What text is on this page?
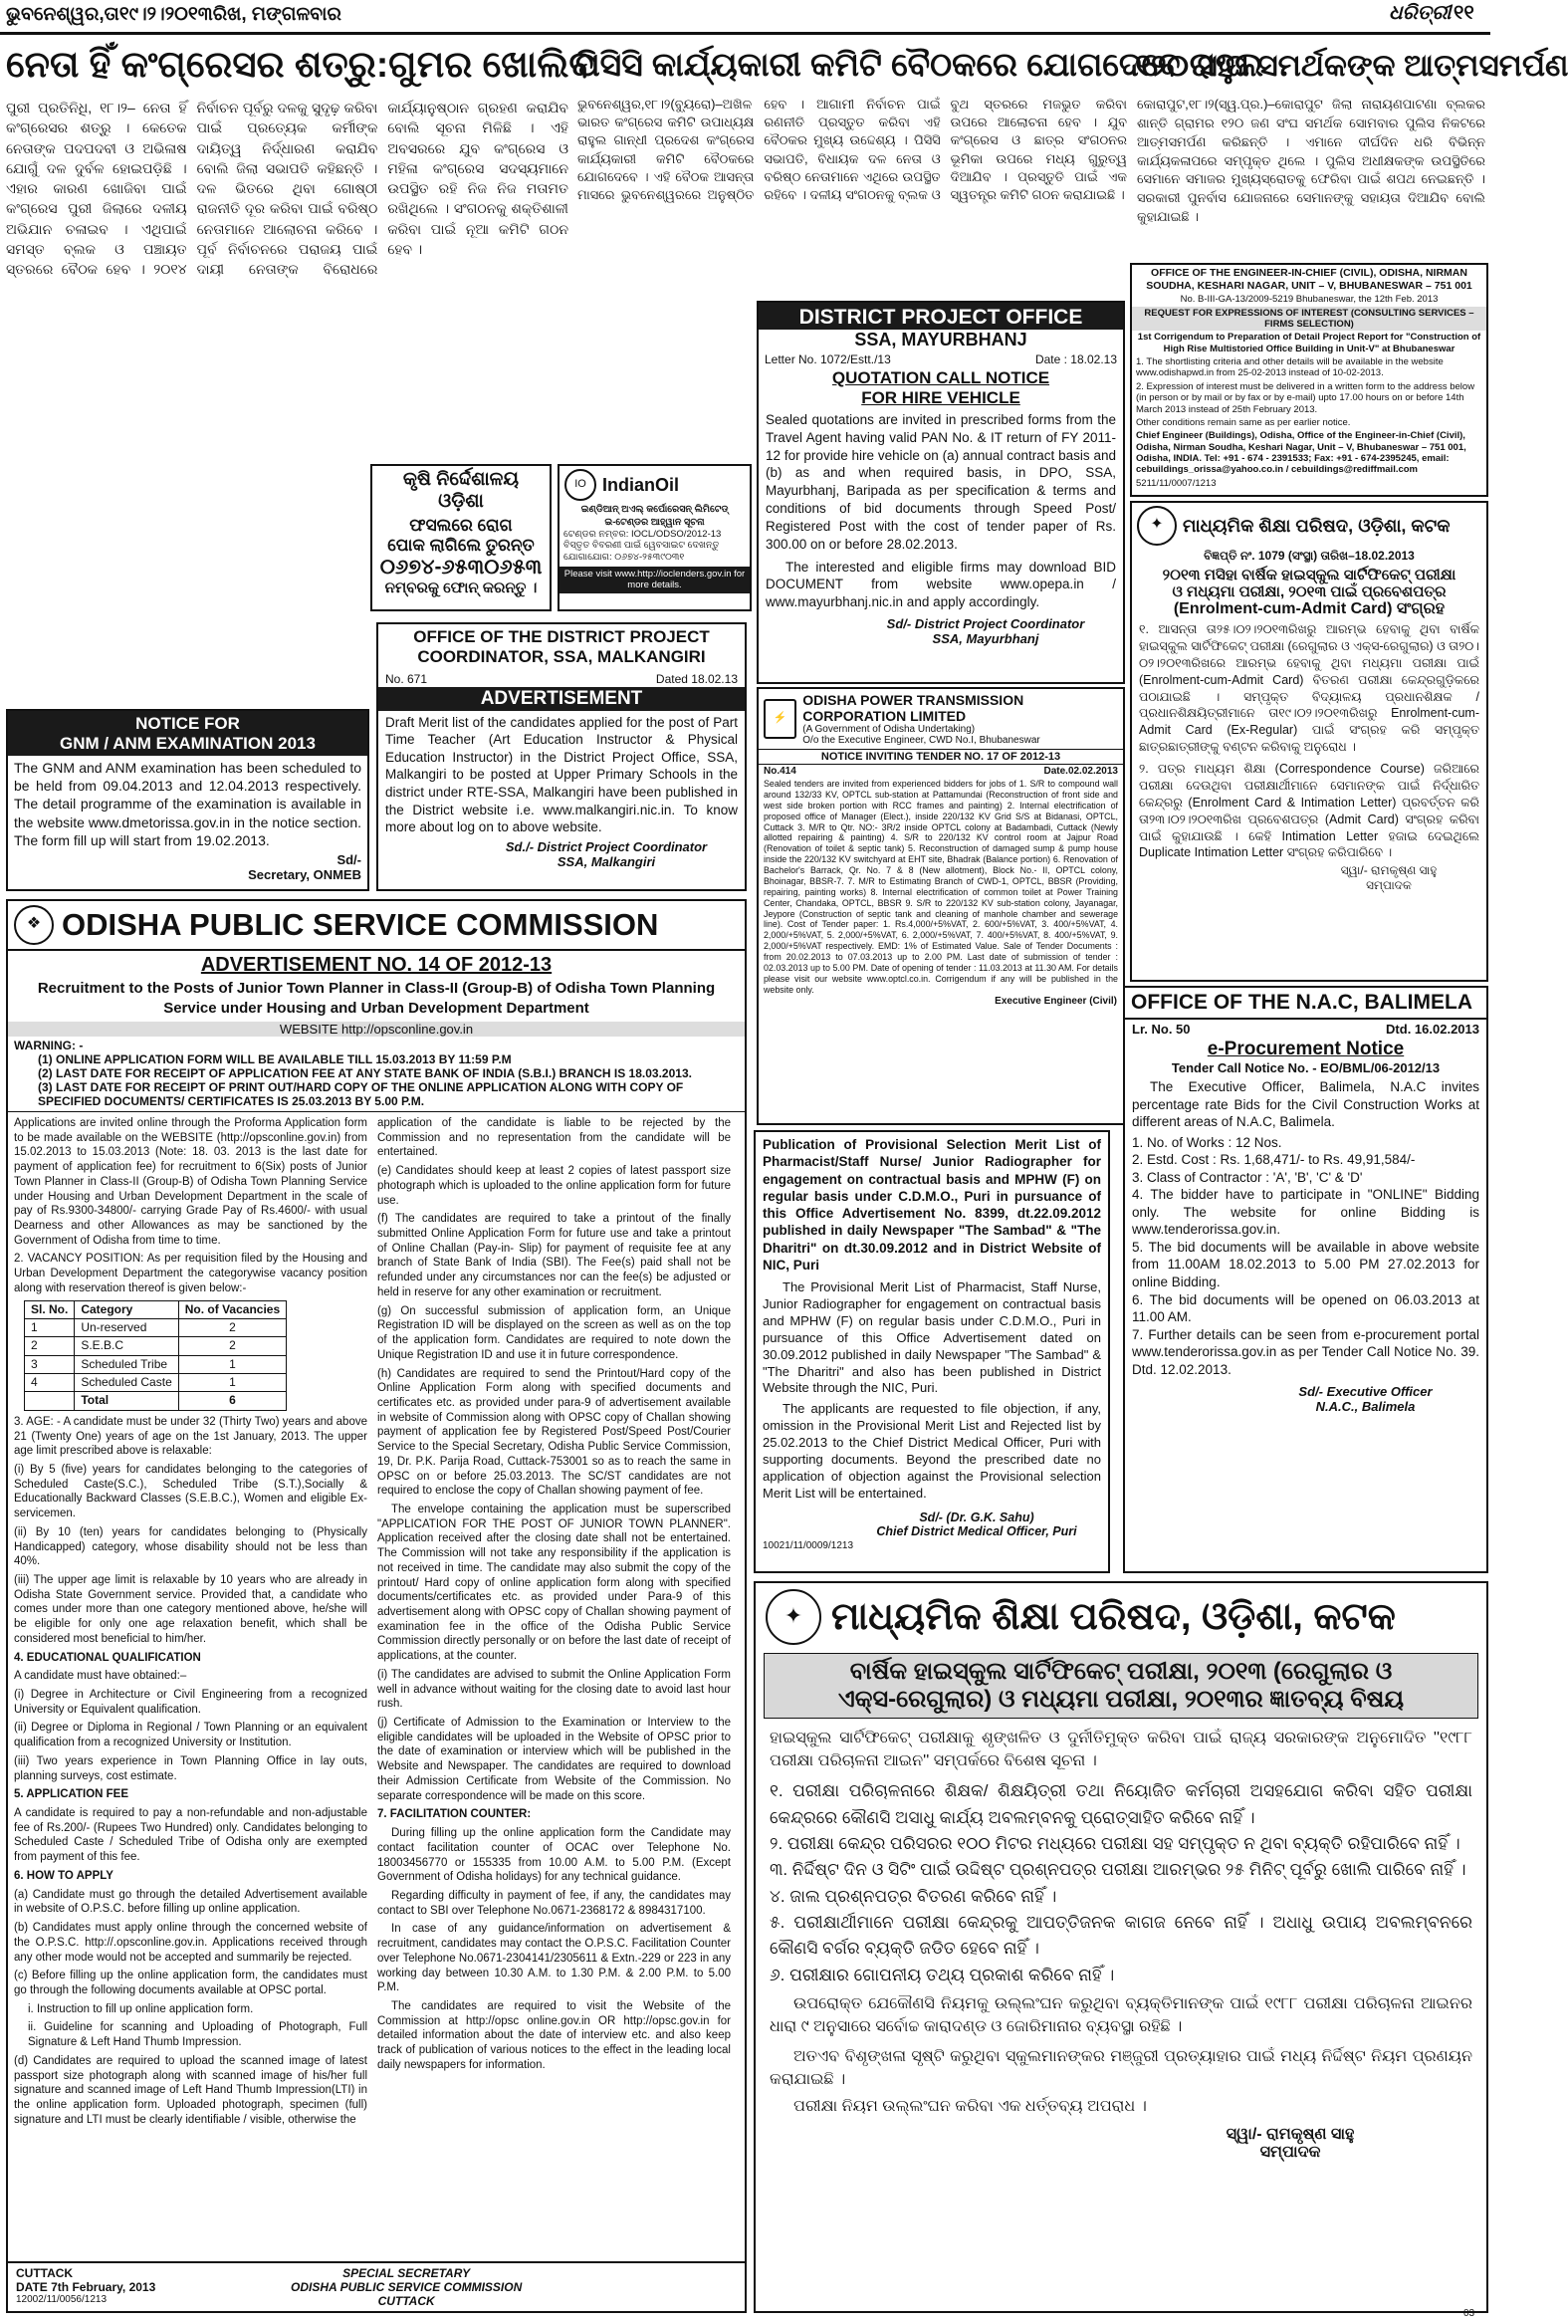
ଭୁବନେଶ୍ୱର,ତା୧୯।୨।୨୦୧୩ରିଖ, ମଙ୍ଗଳବାର	ଧରିତ୍ରୀ ୧୧
ନେତା ହିଁ କଂଗ୍ରେସର ଶତ୍ରୁ:ଗୁମର ଖୋଲିବ
ପିସିସି କାର୍ଯ୍ୟକାରୀ କମିଟି ବୈଠକରେ ଯୋଗଦେବେ ରାହୁଲ
୧୨୦ ସଂଘ ସମର୍ଥକଙ୍କ ଆତ୍ମସମର୍ପଣ
ପୁରୀ ପ୍ରତିନିଧି, ୧୮।୨– ନେତା ହିଁ କଂଗ୍ରେସର ଶତ୍ରୁ । କେତେକ ନେତାଙ୍କ ପଦପଦବୀ ଓ ଅଭିଳାଷ ଯୋଗୁଁ ଦଳ ଦୁର୍ବଳ ହୋଇପଡ଼ିଛି । ଏହାର କାରଣ ଖୋଜିବା ପାଇଁ କଂଗ୍ରେସ ପୁରୀ ଜିଲାରେ ଦଳୀୟ ଅଭିଯାନ ଚଳାଇବ । ଏଥିପାଇଁ ସମସ୍ତ ବ୍ଲକ ଓ ପଞ୍ଚାୟତ ସ୍ତରରେ ବୈଠକ ହେବ । ୨୦୧୪ ନିର୍ବାଚନ ପୂର୍ବରୁ ଦଳକୁ ସୁଦୃଢ଼ କରିବା ପାଇଁ ପ୍ରତ୍ୟେକ କର୍ମୀଙ୍କ ଦାୟିତ୍ୱ ନିର୍ଦ୍ଧାରଣ କରାଯିବ ବୋଲି ଜିଲା ସଭାପତି କହିଛନ୍ତି । ଦଳ ଭିତରେ ଥିବା ଗୋଷ୍ଠୀ ରାଜନୀତି ଦୂର କରିବା ପାଇଁ ବରିଷ୍ଠ ନେତାମାନେ ଆଲୋଚନା କରିବେ । ପୂର୍ବ ନିର୍ବାଚନରେ ପରାଜୟ ପାଇଁ ଦାୟୀ ନେତାଙ୍କ ବିରୋଧରେ କାର୍ଯ୍ୟାନୁଷ୍ଠାନ ଗ୍ରହଣ କରାଯିବ ବୋଲି ସୂଚନା ମିଳିଛି । ଏହି ଅବସରରେ ଯୁବ କଂଗ୍ରେସ ଓ ମହିଳା କଂଗ୍ରେସ ସଦସ୍ୟମାନେ ଉପସ୍ଥିତ ରହି ନିଜ ନିଜ ମତାମତ ରଖିଥିଲେ । ସଂଗଠନକୁ ଶକ୍ତିଶାଳୀ କରିବା ପାଇଁ ନୂଆ କମିଟି ଗଠନ ହେବ ।
ଭୁବନେଶ୍ୱର,୧୮।୨(ବ୍ୟୁରୋ)–ଅଖିଳ ଭାରତ କଂଗ୍ରେସ କମିଟି ଉପାଧ୍ୟକ୍ଷ ରାହୁଲ ଗାନ୍ଧୀ ପ୍ରଦେଶ କଂଗ୍ରେସ କାର୍ଯ୍ୟକାରୀ କମିଟି ବୈଠକରେ ଯୋଗଦେବେ । ଏହି ବୈଠକ ଆସନ୍ତା ମାସରେ ଭୁବନେଶ୍ୱରରେ ଅନୁଷ୍ଠିତ ହେବ । ଆଗାମୀ ନିର୍ବାଚନ ପାଇଁ ରଣନୀତି ପ୍ରସ୍ତୁତ କରିବା ଏହି ବୈଠକର ମୁଖ୍ୟ ଉଦ୍ଦେଶ୍ୟ । ପିସିସି ସଭାପତି, ବିଧାୟକ ଦଳ ନେତା ଓ ବରିଷ୍ଠ ନେତାମାନେ ଏଥିରେ ଉପସ୍ଥିତ ରହିବେ । ଦଳୀୟ ସଂଗଠନକୁ ବ୍ଲକ ଓ ବୁଥ ସ୍ତରରେ ମଜଭୁତ କରିବା ଉପରେ ଆଲୋଚନା ହେବ । ଯୁବ କଂଗ୍ରେସ ଓ ଛାତ୍ର ସଂଗଠନର ଭୂମିକା ଉପରେ ମଧ୍ୟ ଗୁରୁତ୍ୱ ଦିଆଯିବ । ପ୍ରସ୍ତୁତି ପାଇଁ ଏକ ସ୍ୱତନ୍ତ୍ର କମିଟି ଗଠନ କରାଯାଇଛି ।
କୋରାପୁଟ,୧୮।୨(ସ୍ୱ.ପ୍ର.)–କୋରାପୁଟ ଜିଲା ନାରାୟଣପାଟଣା ବ୍ଲକର ଶାନ୍ତି ଗ୍ରାମର ୧୨୦ ଜଣ ସଂଘ ସମର୍ଥକ ସୋମବାର ପୁଲିସ ନିକଟରେ ଆତ୍ମସମର୍ପଣ କରିଛନ୍ତି । ଏମାନେ ଦୀର୍ଘଦିନ ଧରି ବିଭିନ୍ନ କାର୍ଯ୍ୟକଳାପରେ ସମ୍ପୃକ୍ତ ଥିଲେ । ପୁଲିସ ଅଧୀକ୍ଷକଙ୍କ ଉପସ୍ଥିତିରେ ସେମାନେ ସମାଜର ମୁଖ୍ୟସ୍ରୋତକୁ ଫେରିବା ପାଇଁ ଶପଥ ନେଇଛନ୍ତି । ସରକାରୀ ପୁନର୍ବାସ ଯୋଜନାରେ ସେମାନଙ୍କୁ ସହାୟତା ଦିଆଯିବ ବୋଲି କୁହାଯାଇଛି ।
NOTICE FOR
GNM / ANM EXAMINATION 2013
The GNM and ANM examination has been scheduled to be held from 09.04.2013 and 12.04.2013 respectively. The detail programme of the examination is available in the website www.dmetorissa.gov.in in the notice section. The form fill up will start from 19.02.2013.
Sd/-
Secretary, ONMEB
କୃଷି ନିର୍ଦ୍ଦେଶାଳୟ
ଓଡ଼ିଶା
ଫସଲରେ ରୋଗ
ପୋକ ଲାଗିଲେ ତୁରନ୍ତ
୦୬୭୪-୬୫୩୦୬୫୩
ନମ୍ବରକୁ ଫୋନ୍ କରନ୍ତୁ ।
IO IndianOil
ଇଣ୍ଡିଆନ୍ ଅଏଲ୍ କର୍ପୋରେସନ୍ ଲିମିଟେଡ୍
ଇ-ଟେଣ୍ଡର ଆହ୍ୱାନ ସୂଚନା
ଟେଣ୍ଡର ନମ୍ବର: IOCL/ODSO/2012-13
ବିସ୍ତୃତ ବିବରଣୀ ପାଇଁ ୱେବସାଇଟ ଦେଖନ୍ତୁ
ଯୋଗାଯୋଗ: ୦୬୭୪-୨୫୩୯୦୩୧
Please visit www.http://ioclenders.gov.in for more details.
DISTRICT PROJECT OFFICE
SSA, MAYURBHANJ
Letter No. 1072/Estt./13	Date : 18.02.13
QUOTATION CALL NOTICE
FOR HIRE VEHICLE
Sealed quotations are invited in prescribed forms from the Travel Agent having valid PAN No. & IT return of FY 2011-12 for provide hire vehicle on (a) annual contract basis and (b) as and when required basis, in DPO, SSA, Mayurbhanj, Baripada as per specification & terms and conditions of bid documents through Speed Post/ Registered Post with the cost of tender paper of Rs. 300.00 on or before 28.02.2013.
The interested and eligible firms may download BID DOCUMENT from website www.opepa.in / www.mayurbhanj.nic.in and apply accordingly.
Sd/- District Project Coordinator
SSA, Mayurbhanj
OFFICE OF THE ENGINEER-IN-CHIEF (CIVIL), ODISHA, NIRMAN SOUDHA, KESHARI NAGAR, UNIT – V, BHUBANESWAR – 751 001
No. B-III-GA-13/2009-5219 Bhubaneswar, the 12th Feb. 2013
REQUEST FOR EXPRESSIONS OF INTEREST (CONSULTING SERVICES – FIRMS SELECTION)
1st Corrigendum to Preparation of Detail Project Report for "Construction of High Rise Multistoried Office Building in Unit-V" at Bhubaneswar
1. The shortlisting criteria and other details will be available in the website www.odishapwd.in from 25-02-2013 instead of 10-02-2013.
2. Expression of interest must be delivered in a written form to the address below (in person or by mail or by fax or by e-mail) upto 17.00 hours on or before 14th March 2013 instead of 25th February 2013.
Other conditions remain same as per earlier notice.
Chief Engineer (Buildings), Odisha, Office of the Engineer-in-Chief (Civil), Odisha, Nirman Soudha, Keshari Nagar, Unit – V, Bhubaneswar – 751 001, Odisha, INDIA. Tel: +91 - 674 - 2391533; Fax: +91 - 674-2395245, email: cebuildings_orissa@yahoo.co.in / cebuildings@rediffmail.com
5211/11/0007/1213
✦	ମାଧ୍ୟମିକ ଶିକ୍ଷା ପରିଷଦ, ଓଡ଼ିଶା, କଟକ
ବିଜ୍ଞପ୍ତି ନଂ. 1079 (ସଂସ୍ଥା) ତାରିଖ–18.02.2013
୨୦୧୩ ମସିହା ବାର୍ଷିକ ହାଇସ୍କୁଲ ସାର୍ଟିଫିକେଟ୍ ପରୀକ୍ଷା
ଓ ମଧ୍ୟମା ପରୀକ୍ଷା, ୨୦୧୩ ପାଇଁ ପ୍ରବେଶପତ୍ର
(Enrolment-cum-Admit Card) ସଂଗ୍ରହ
୧. ଆସନ୍ତା ତା୨୫।୦୨।୨୦୧୩ରିଖରୁ ଆରମ୍ଭ ହେବାକୁ ଥିବା ବାର୍ଷିକ ହାଇସ୍କୁଲ ସାର୍ଟିଫିକେଟ୍ ପରୀକ୍ଷା (ରେଗୁଲାର ଓ ଏକ୍ସ-ରେଗୁଲାର) ଓ ତା୨୦।୦୨।୨୦୧୩ରିଖରେ ଆରମ୍ଭ ହେବାକୁ ଥିବା ମଧ୍ୟମା ପରୀକ୍ଷା ପାଇଁ (Enrolment-cum-Admit Card) ବିତରଣ ପରୀକ୍ଷା କେନ୍ଦ୍ରଗୁଡ଼ିକରେ ପଠାଯାଇଛି । ସମ୍ପୃକ୍ତ ବିଦ୍ୟାଳୟ ପ୍ରଧାନଶିକ୍ଷକ / ପ୍ରଧାନଶିକ୍ଷୟିତ୍ରୀମାନେ ତା୧୯।୦୨।୨୦୧୩ରିଖରୁ Enrolment-cum-Admit Card (Ex-Regular) ପାଇଁ ସଂଗ୍ରହ କରି ସମ୍ପୃକ୍ତ ଛାତ୍ରଛାତ୍ରୀଙ୍କୁ ବଣ୍ଟନ କରିବାକୁ ଅନୁରୋଧ ।
୨. ପତ୍ର ମାଧ୍ୟମ ଶିକ୍ଷା (Correspondence Course) ଜରିଆରେ ପରୀକ୍ଷା ଦେଉଥିବା ପରୀକ୍ଷାର୍ଥୀମାନେ ସେମାନଙ୍କ ପାଇଁ ନିର୍ଦ୍ଧାରିତ କେନ୍ଦ୍ରରୁ (Enrolment Card & Intimation Letter) ପ୍ରବର୍ତ୍ତନ କରି ତା୨୩।୦୨।୨୦୧୩ରିଖ ପ୍ରବେଶପତ୍ର (Admit Card) ସଂଗ୍ରହ କରିବା ପାଇଁ କୁହାଯାଉଛି । କେହି Intimation Letter ହଜାଇ ଦେଇଥିଲେ Duplicate Intimation Letter ସଂଗ୍ରହ କରିପାରିବେ ।
ସ୍ୱା/- ରାମକୃଷ୍ଣ ସାହୁ
ସମ୍ପାଦକ
OFFICE OF THE DISTRICT PROJECT COORDINATOR, SSA, MALKANGIRI
No. 671	Dated 18.02.13
ADVERTISEMENT
Draft Merit list of the candidates applied for the post of Part Time Teacher (Art Education Instructor & Physical Education Instructor) in the District Project Office, SSA, Malkangiri to be posted at Upper Primary Schools in the district under RTE-SSA, Malkangiri have been published in the District website i.e. www.malkangiri.nic.in. To know more about log on to above website.
Sd./- District Project Coordinator
SSA, Malkangiri
⚡
ODISHA POWER TRANSMISSION CORPORATION LIMITED
(A Government of Odisha Undertaking)
O/o the Executive Engineer, CWD No.I, Bhubaneswar
NOTICE INVITING TENDER NO. 17 OF 2012-13
No.414	Date.02.02.2013
Sealed tenders are invited from experienced bidders for jobs of 1. S/R to compound wall around 132/33 KV, OPTCL sub-station at Pattamundai (Reconstruction of front side and west side broken portion with RCC frames and painting) 2. Internal electrification of proposed office of Manager (Elect.), inside 220/132 KV Grid S/S at Bidanasi, OPTCL, Cuttack 3. M/R to Qtr. NO:- 3R/2 inside OPTCL colony at Badambadi, Cuttack (Newly allotted repairing & painting) 4. S/R to 220/132 KV control room at Jajpur Road (Renovation of toilet & septic tank) 5. Reconstruction of damaged sump & pump house inside the 220/132 KV switchyard at EHT site, Bhadrak (Balance portion) 6. Renovation of Bachelor's Barrack, Qr. No. 7 & 8 (New allotment), Block No.- II, OPTCL colony, Bhoinagar, BBSR-7. 7. M/R to Estimating Branch of CWD-1, OPTCL, BBSR (Providing, repairing, painting works) 8. Internal electrification of common toilet at Power Training Center, Chandaka, OPTCL, BBSR 9. S/R to 220/132 KV sub-station colony, Jayanagar, Jeypore (Construction of septic tank and cleaning of manhole chamber and sewerage line). Cost of Tender paper: 1. Rs.4,000/+5%VAT, 2. 600/+5%VAT, 3. 400/+5%VAT, 4. 2,000/+5%VAT, 5. 2,000/+5%VAT, 6. 2,000/+5%VAT, 7. 400/+5%VAT, 8. 400/+5%VAT, 9. 2,000/+5%VAT respectively. EMD: 1% of Estimated Value. Sale of Tender Documents : from 20.02.2013 to 07.03.2013 up to 2.00 PM. Last date of submission of tender : 02.03.2013 up to 5.00 PM. Date of opening of tender : 11.03.2013 at 11.30 AM. For details please visit our website www.optcl.co.in. Corrigendum if any will be published in the website only.
Executive Engineer (Civil)
❖ ODISHA PUBLIC SERVICE COMMISSION
ADVERTISEMENT NO. 14 OF 2012-13
Recruitment to the Posts of Junior Town Planner in Class-II (Group-B) of Odisha Town Planning Service under Housing and Urban Development Department
WEBSITE http://opsconline.gov.in
WARNING: -
(1) ONLINE APPLICATION FORM WILL BE AVAILABLE TILL 15.03.2013 BY 11:59 P.M
(2) LAST DATE FOR RECEIPT OF APPLICATION FEE AT ANY STATE BANK OF INDIA (S.B.I.) BRANCH IS 18.03.2013.
(3) LAST DATE FOR RECEIPT OF PRINT OUT/HARD COPY OF THE ONLINE APPLICATION ALONG WITH COPY OF SPECIFIED DOCUMENTS/ CERTIFICATES IS 25.03.2013 BY 5.00 P.M.

Applications are invited online through the Proforma Application form to be made available on the WEBSITE (http://opsconline.gov.in) from 15.02.2013 to 15.03.2013 (Note: 18. 03. 2013 is the last date for payment of application fee) for recruitment to 6(Six) posts of Junior Town Planner in Class-II (Group-B) of Odisha Town Planning Service under Housing and Urban Development Department in the scale of pay of Rs.9300-34800/- carrying Grade Pay of Rs.4600/- with usual Dearness and other Allowances as may be sanctioned by the Government of Odisha from time to time.

2. VACANCY POSITION: As per requisition filed by the Housing and Urban Development Department the categorywise vacancy position along with reservation thereof is given below:-

Sl. No.	Category	No. of Vacancies
1	Un-reserved	2
2	S.E.B.C	2
3	Scheduled Tribe	1
4	Scheduled Caste	1
	Total	6

3. AGE: - A candidate must be under 32 (Thirty Two) years and above 21 (Twenty One) years of age on the 1st January, 2013. The upper age limit prescribed above is relaxable:

(i) By 5 (five) years for candidates belonging to the categories of Scheduled Caste(S.C.), Scheduled Tribe (S.T.),Socially & Educationally Backward Classes (S.E.B.C.), Women and eligible Ex-servicemen.

(ii) By 10 (ten) years for candidates belonging to (Physically Handicapped) category, whose disability should not be less than 40%.

(iii) The upper age limit is relaxable by 10 years who are already in Odisha State Government service. Provided that, a candidate who comes under more than one category mentioned above, he/she will be eligible for only one age relaxation benefit, which shall be considered most beneficial to him/her.

4. EDUCATIONAL QUALIFICATION

A candidate must have obtained:–

(i) Degree in Architecture or Civil Engineering from a recognized University or Equivalent qualification.

(ii) Degree or Diploma in Regional / Town Planning or an equivalent qualification from a recognized University or Institution.

(iii) Two years experience in Town Planning Office in lay outs, planning surveys, cost estimate.

5. APPLICATION FEE

A candidate is required to pay a non-refundable and non-adjustable fee of Rs.200/- (Rupees Two Hundred) only. Candidates belonging to Scheduled Caste / Scheduled Tribe of Odisha only are exempted from payment of this fee.

6. HOW TO APPLY

(a) Candidate must go through the detailed Advertisement available in website of O.P.S.C. before filling up online application.

(b) Candidates must apply online through the concerned website of the O.P.S.C. http://.opsconline.gov.in. Applications received through any other mode would not be accepted and summarily be rejected.

(c) Before filling up the online application form, the candidates must go through the following documents available at OPSC portal.

i. Instruction to fill up online application form.

ii. Guideline for scanning and Uploading of Photograph, Full Signature & Left Hand Thumb Impression.

(d) Candidates are required to upload the scanned image of latest passport size photograph along with scanned image of his/her full signature and scanned image of Left Hand Thumb Impression(LTI) in the online application form. Uploaded photograph, specimen (full) signature and LTI must be clearly identifiable / visible, otherwise the

application of the candidate is liable to be rejected by the Commission and no representation from the candidate will be entertained.

(e) Candidates should keep at least 2 copies of latest passport size photograph which is uploaded to the online application form for future use.

(f) The candidates are required to take a printout of the finally submitted Online Application Form for future use and take a printout of Online Challan (Pay-in- Slip) for payment of requisite fee at any branch of State Bank of India (SBI). The Fee(s) paid shall not be refunded under any circumstances nor can the fee(s) be adjusted or held in reserve for any other examination or recruitment.

(g) On successful submission of application form, an Unique Registration ID will be displayed on the screen as well as on the top of the application form. Candidates are required to note down the Unique Registration ID and use it in future correspondence.

(h) Candidates are required to send the Printout/Hard copy of the Online Application Form along with specified documents and certificates etc. as provided under para-9 of advertisement available in website of Commission along with OPSC copy of Challan showing payment of application fee by Registered Post/Speed Post/Courier Service to the Special Secretary, Odisha Public Service Commission, 19, Dr. P.K. Parija Road, Cuttack-753001 so as to reach the same in OPSC on or before 25.03.2013. The SC/ST candidates are not required to enclose the copy of Challan showing payment of fee.

The envelope containing the application must be superscribed "APPLICATION FOR THE POST OF JUNIOR TOWN PLANNER". Application received after the closing date shall not be entertained. The Commission will not take any responsibility if the application is not received in time. The candidate may also submit the copy of the printout/ Hard copy of online application form along with specified documents/certificates etc. as provided under Para-9 of this advertisement along with OPSC copy of Challan showing payment of examination fee in the office of the Odisha Public Service Commission directly personally or on before the last date of receipt of applications, at the counter.

(i) The candidates are advised to submit the Online Application Form well in advance without waiting for the closing date to avoid last hour rush.

(j) Certificate of Admission to the Examination or Interview to the eligible candidates will be uploaded in the Website of OPSC prior to the date of examination or interview which will be published in the Website and Newspaper. The candidates are required to download their Admission Certificate from Website of the Commission. No separate correspondence will be made on this score.

7. FACILITATION COUNTER:

During filling up the online application form the Candidate may contact facilitation counter of OCAC over Telephone No. 18003456770 or 155335 from 10.00 A.M. to 5.00 P.M. (Except Government of Odisha holidays) for any technical guidance.

Regarding difficulty in payment of fee, if any, the candidates may contact to SBI over Telephone No.0671-2368172 & 8984317100.

In case of any guidance/information on advertisement & recruitment, candidates may contact the O.P.S.C. Facilitation Counter over Telephone No.0671-2304141/2305611 & Extn.-229 or 223 in any working day between 10.30 A.M. to 1.30 P.M. & 2.00 P.M. to 5.00 P.M.

The candidates are required to visit the Website of the Commission at http://opsc online.gov.in OR http://opsc.gov.in for detailed information about the date of interview etc. and also keep track of publication of various notices to the effect in the leading local daily newspapers for information.

CUTTACK
DATE 7th February, 2013
12002/11/0056/1213
SPECIAL SECRETARY
ODISHA PUBLIC SERVICE COMMISSION
CUTTACK
Publication of Provisional Selection Merit List of Pharmacist/Staff Nurse/ Junior Radiographer for engagement on contractual basis and MPHW (F) on regular basis under C.D.M.O., Puri in pursuance of this Office Advertisement No. 8399, dt.22.09.2012 published in daily Newspaper "The Sambad" & "The Dharitri" on dt.30.09.2012 and in District Website of NIC, Puri
The Provisional Merit List of Pharmacist, Staff Nurse, Junior Radiographer for engagement on contractual basis and MPHW (F) on regular basis under C.D.M.O., Puri in pursuance of this Office Advertisement dated on 30.09.2012 published in daily Newspaper "The Sambad" & "The Dharitri" and also has been published in District Website through the NIC, Puri.
The applicants are requested to file objection, if any, omission in the Provisional Merit List and Rejected list by 25.02.2013 to the Chief District Medical Officer, Puri with supporting documents. Beyond the prescribed date no application of objection against the Provisional selection Merit List will be entertained.
Sd/- (Dr. G.K. Sahu)
Chief District Medical Officer, Puri
10021/11/0009/1213
OFFICE OF THE N.A.C, BALIMELA
Lr. No. 50	Dtd. 16.02.2013
e-Procurement Notice
Tender Call Notice No. - EO/BML/06-2012/13
The Executive Officer, Balimela, N.A.C invites percentage rate Bids for the Civil Construction Works at different areas of N.A.C, Balimela.
1. No. of Works : 12 Nos.
2. Estd. Cost : Rs. 1,68,471/- to Rs. 49,91,584/-
3. Class of Contractor : 'A', 'B', 'C' & 'D'
4. The bidder have to participate in "ONLINE" Bidding only. The website for online Bidding is www.tenderorissa.gov.in.
5. The bid documents will be available in above website from 11.00AM 18.02.2013 to 5.00 PM 27.02.2013 for online Bidding.
6. The bid documents will be opened on 06.03.2013 at 11.00 AM.
7. Further details can be seen from e-procurement portal www.tenderorissa.gov.in as per Tender Call Notice No. 39. Dtd. 12.02.2013.
Sd/- Executive Officer
N.A.C., Balimela
✦ ମାଧ୍ୟମିକ ଶିକ୍ଷା ପରିଷଦ, ଓଡ଼ିଶା, କଟକ
ବାର୍ଷିକ ହାଇସ୍କୁଲ ସାର୍ଟିଫିକେଟ୍ ପରୀକ୍ଷା, ୨୦୧୩ (ରେଗୁଲାର ଓ
ଏକ୍ସ-ରେଗୁଲାର) ଓ ମଧ୍ୟମା ପରୀକ୍ଷା, ୨୦୧୩ର ଜ୍ଞାତବ୍ୟ ବିଷୟ
ହାଇସ୍କୁଲ ସାର୍ଟିଫିକେଟ୍ ପରୀକ୍ଷାକୁ ଶୃଙ୍ଖଳିତ ଓ ଦୁର୍ନୀତିମୁକ୍ତ କରିବା ପାଇଁ ରାଜ୍ୟ ସରକାରଙ୍କ ଅନୁମୋଦିତ ''୧୯୮୮ ପରୀକ୍ଷା ପରିଚାଳନା ଆଇନ'' ସମ୍ପର୍କରେ ବିଶେଷ ସୂଚନା ।
୧. ପରୀକ୍ଷା ପରିଚାଳନାରେ ଶିକ୍ଷକ/ ଶିକ୍ଷୟିତ୍ରୀ ତଥା ନିୟୋଜିତ କର୍ମଚାରୀ ଅସହଯୋଗ କରିବା ସହିତ ପରୀକ୍ଷା କେନ୍ଦ୍ରରେ କୌଣସି ଅସାଧୁ କାର୍ଯ୍ୟ ଅବଲମ୍ବନକୁ ପ୍ରୋତ୍ସାହିତ କରିବେ ନାହିଁ ।
୨. ପରୀକ୍ଷା କେନ୍ଦ୍ର ପରିସରର ୧୦୦ ମିଟର ମଧ୍ୟରେ ପରୀକ୍ଷା ସହ ସମ୍ପୃକ୍ତ ନ ଥିବା ବ୍ୟକ୍ତି ରହିପାରିବେ ନାହିଁ ।
୩. ନିର୍ଦ୍ଦିଷ୍ଟ ଦିନ ଓ ସିଟିଂ ପାଇଁ ଉଦ୍ଦିଷ୍ଟ ପ୍ରଶ୍ନପତ୍ର ପରୀକ୍ଷା ଆରମ୍ଭର ୨୫ ମିନିଟ୍ ପୂର୍ବରୁ ଖୋଲି ପାରିବେ ନାହିଁ ।
୪. ଜାଲ ପ୍ରଶ୍ନପତ୍ର ବିତରଣ କରିବେ ନାହିଁ ।
୫. ପରୀକ୍ଷାର୍ଥୀମାନେ ପରୀକ୍ଷା କେନ୍ଦ୍ରକୁ ଆପତ୍ତିଜନକ କାଗଜ ନେବେ ନାହିଁ । ଅଧାଧୁ ଉପାୟ ଅବଲମ୍ବନରେ କୌଣସି ବର୍ଗର ବ୍ୟକ୍ତି ଜଡିତ ହେବେ ନାହିଁ ।
୬. ପରୀକ୍ଷାର ଗୋପନୀୟ ତଥ୍ୟ ପ୍ରକାଶ କରିବେ ନାହିଁ ।
ଉପରୋକ୍ତ ଯେକୌଣସି ନିୟମକୁ ଉଲ୍ଲଂଘନ କରୁଥିବା ବ୍ୟକ୍ତିମାନଙ୍କ ପାଇଁ ୧୯୮୮ ପରୀକ୍ଷା ପରିଚାଳନା ଆଇନର ଧାରା ୯ ଅନୁସାରେ ସର୍ବୋଚ୍ଚ କାରାଦଣ୍ଡ ଓ ଜୋରିମାନାର ବ୍ୟବସ୍ଥା ରହିଛି ।
ଅତଏବ ବିଶୃଙ୍ଖଳା ସୃଷ୍ଟି କରୁଥିବା ସ୍କୁଲମାନଙ୍କର ମଞ୍ଜୁରୀ ପ୍ରତ୍ୟାହାର ପାଇଁ ମଧ୍ୟ ନିର୍ଦ୍ଦିଷ୍ଟ ନିୟମ ପ୍ରଣୟନ କରାଯାଇଛି ।
ପରୀକ୍ଷା ନିୟମ ଉଲ୍ଲଂଘନ କରିବା ଏକ ଧର୍ତ୍ତବ୍ୟ ଅପରାଧ ।
ସ୍ୱା/- ରାମକୃଷ୍ଣ ସାହୁ
ସମ୍ପାଦକ
03
